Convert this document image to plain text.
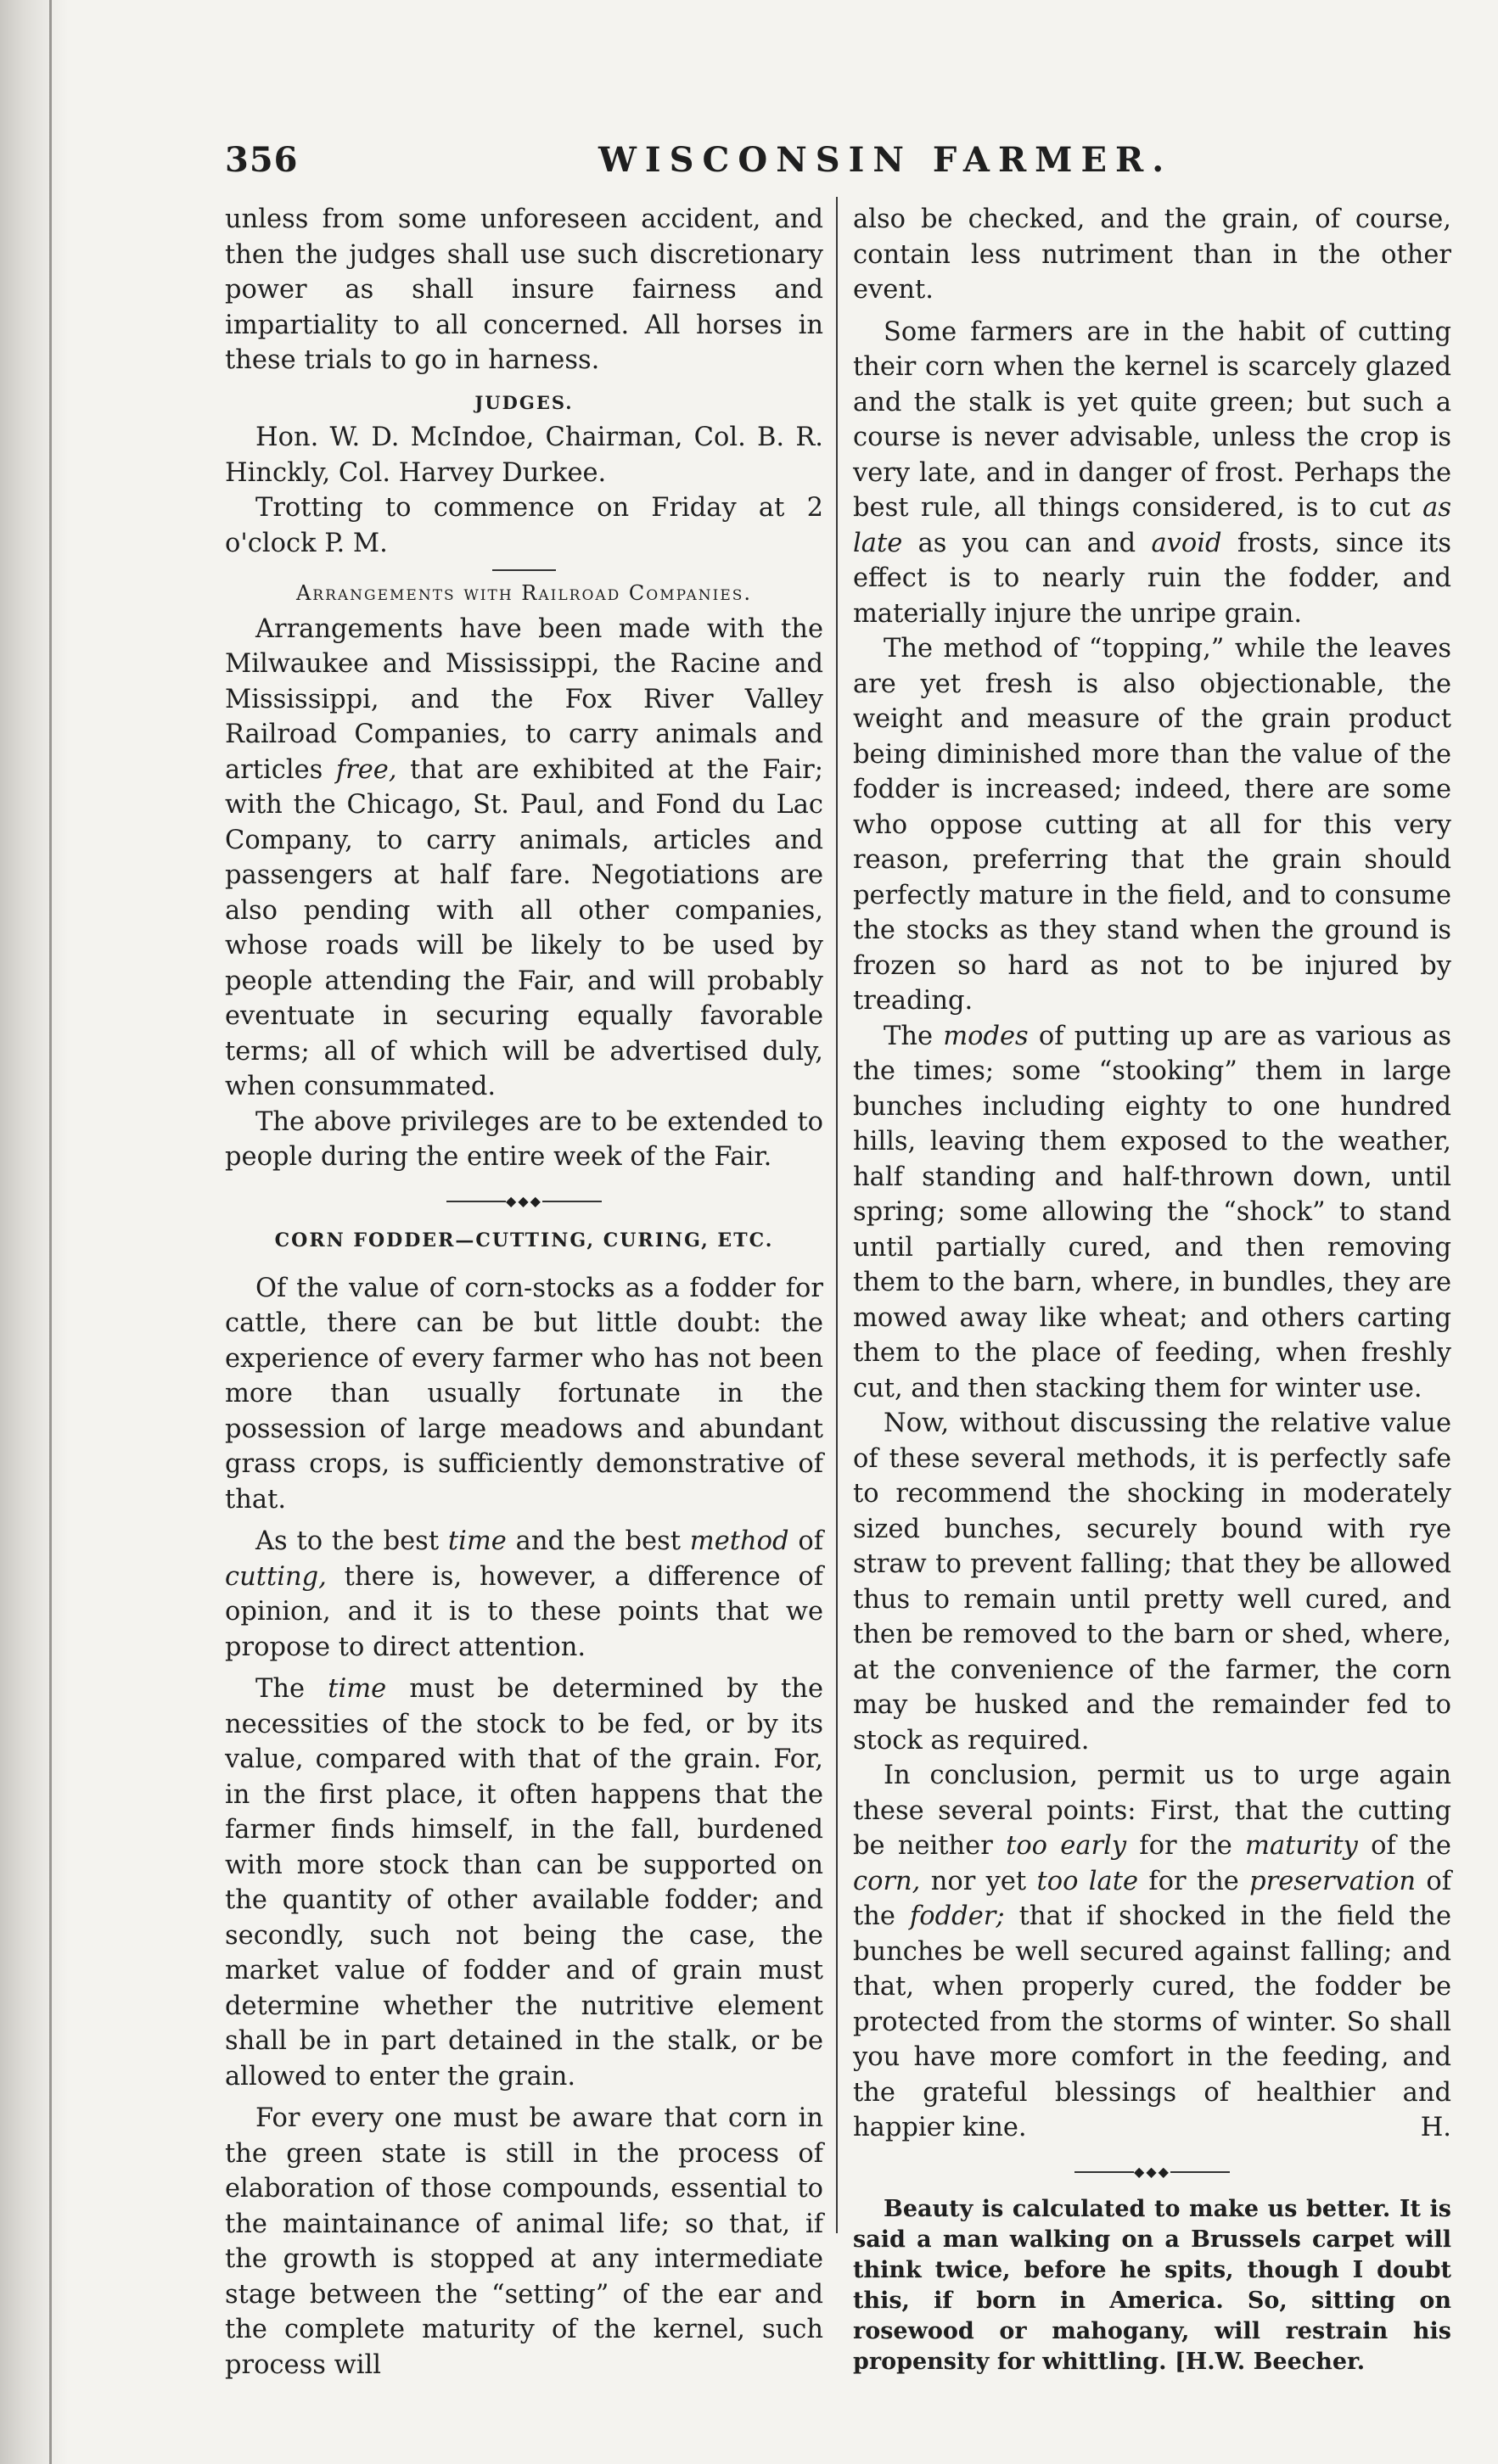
356	WISCONSIN FARMER.

unless from some unforeseen accident, and then the judges shall use such discretionary power as shall insure fairness and impartiality to all concerned. All horses in these trials to go in harness.

JUDGES.

Hon. W. D. McIndoe, Chairman, Col. B. R. Hinckly, Col. Harvey Durkee.

Trotting to commence on Friday at 2 o'clock P. M.

Arrangements with Railroad Companies.

Arrangements have been made with the Milwaukee and Mississippi, the Racine and Mississippi, and the Fox River Valley Railroad Companies, to carry animals and articles free, that are exhibited at the Fair; with the Chicago, St. Paul, and Fond du Lac Company, to carry animals, articles and passengers at half fare. Negotiations are also pending with all other companies, whose roads will be likely to be used by people attending the Fair, and will probably eventuate in securing equally favorable terms; all of which will be advertised duly, when consummated.

The above privileges are to be extended to people during the entire week of the Fair.

◆◆◆

CORN FODDER—CUTTING, CURING, ETC.

Of the value of corn-stocks as a fodder for cattle, there can be but little doubt: the experience of every farmer who has not been more than usually fortunate in the possession of large meadows and abundant grass crops, is sufficiently demonstrative of that.

As to the best time and the best method of cutting, there is, however, a difference of opinion, and it is to these points that we propose to direct attention.

The time must be determined by the necessities of the stock to be fed, or by its value, compared with that of the grain. For, in the first place, it often happens that the farmer finds himself, in the fall, burdened with more stock than can be supported on the quantity of other available fodder; and secondly, such not being the case, the market value of fodder and of grain must determine whether the nutritive element shall be in part detained in the stalk, or be allowed to enter the grain.

For every one must be aware that corn in the green state is still in the process of elaboration of those compounds, essential to the maintainance of animal life; so that, if the growth is stopped at any intermediate stage between the “setting” of the ear and the complete maturity of the kernel, such process will

also be checked, and the grain, of course, contain less nutriment than in the other event.

Some farmers are in the habit of cutting their corn when the kernel is scarcely glazed and the stalk is yet quite green; but such a course is never advisable, unless the crop is very late, and in danger of frost. Perhaps the best rule, all things considered, is to cut as late as you can and avoid frosts, since its effect is to nearly ruin the fodder, and materially injure the unripe grain.

The method of “topping,” while the leaves are yet fresh is also objectionable, the weight and measure of the grain product being diminished more than the value of the fodder is increased; indeed, there are some who oppose cutting at all for this very reason, preferring that the grain should perfectly mature in the field, and to consume the stocks as they stand when the ground is frozen so hard as not to be injured by treading.

The modes of putting up are as various as the times; some “stooking” them in large bunches including eighty to one hundred hills, leaving them exposed to the weather, half standing and half-thrown down, until spring; some allowing the “shock” to stand until partially cured, and then removing them to the barn, where, in bundles, they are mowed away like wheat; and others carting them to the place of feeding, when freshly cut, and then stacking them for winter use.

Now, without discussing the relative value of these several methods, it is perfectly safe to recommend the shocking in moderately sized bunches, securely bound with rye straw to prevent falling; that they be allowed thus to remain until pretty well cured, and then be removed to the barn or shed, where, at the convenience of the farmer, the corn may be husked and the remainder fed to stock as required.

In conclusion, permit us to urge again these several points: First, that the cutting be neither too early for the maturity of the corn, nor yet too late for the preservation of the fodder; that if shocked in the field the bunches be well secured against falling; and that, when properly cured, the fodder be protected from the storms of winter. So shall you have more comfort in the feeding, and the grateful blessings of healthier and happier kine.	H.

◆◆◆

Beauty is calculated to make us better. It is said a man walking on a Brussels carpet will think twice, before he spits, though I doubt this, if born in America. So, sitting on rosewood or mahogany, will restrain his propensity for whittling. [H.W. Beecher.
